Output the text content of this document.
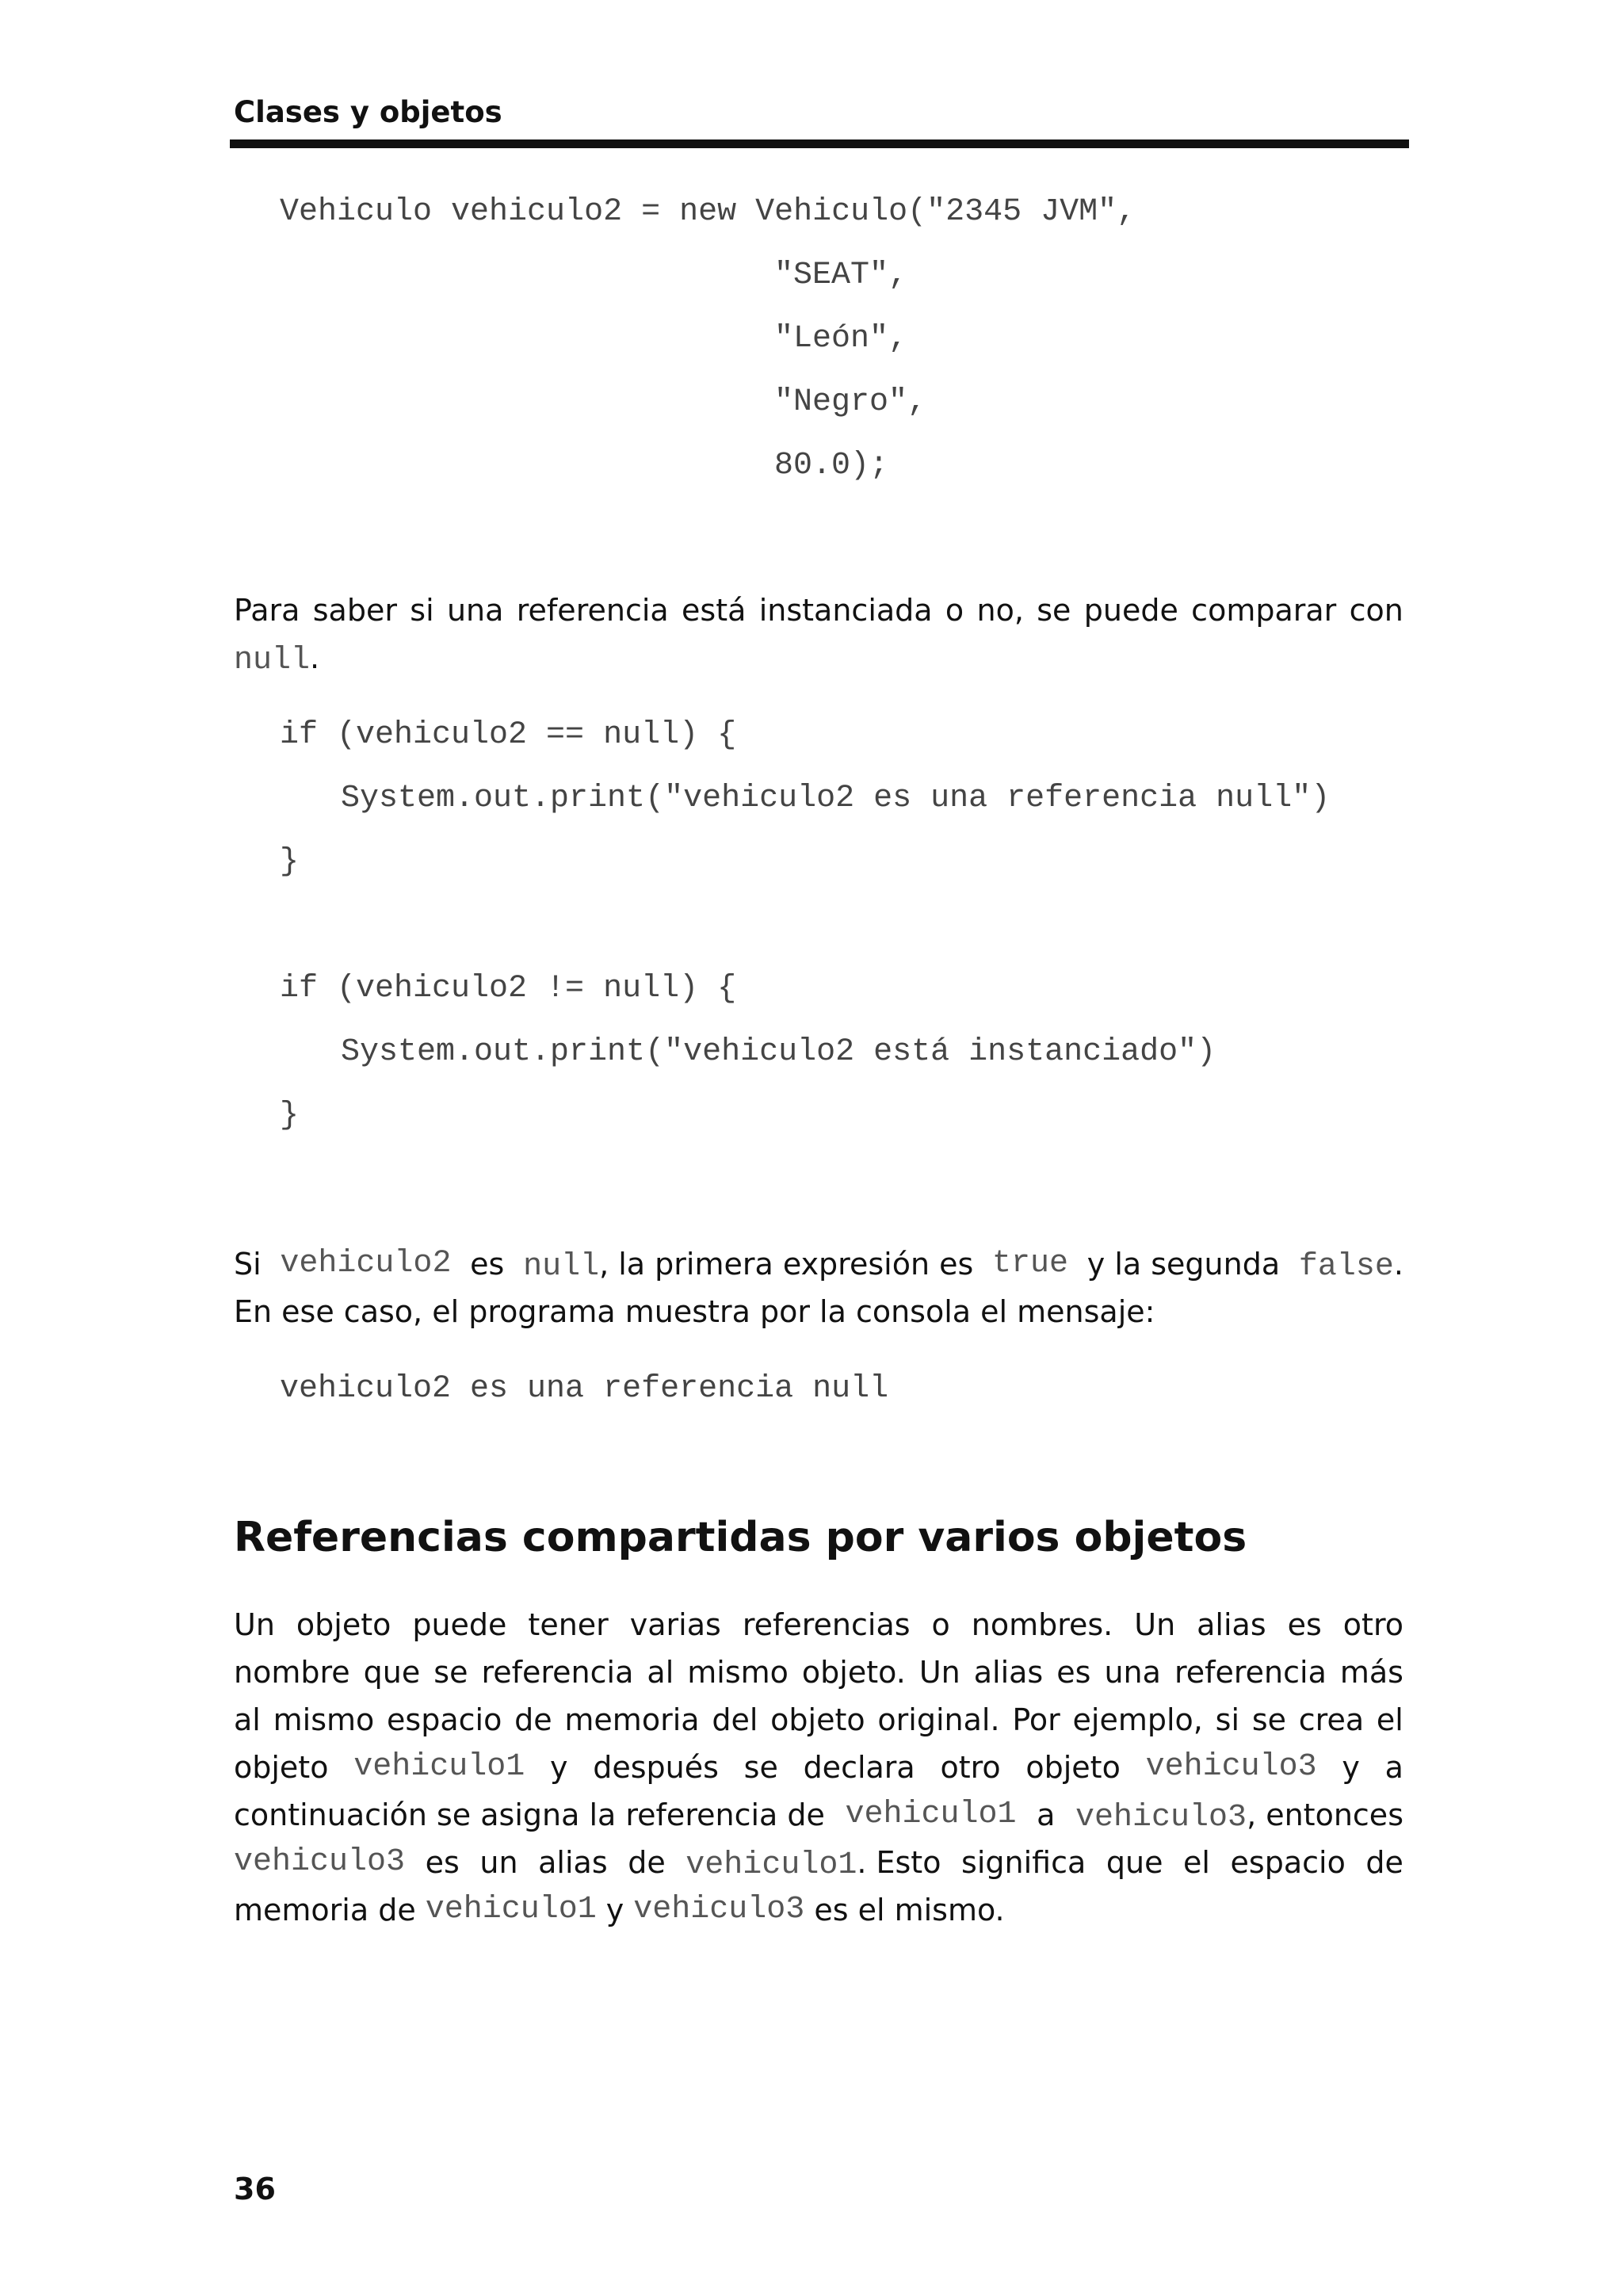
Clases y objetos
Vehiculo vehiculo2 = new Vehiculo("2345 JVM",
"SEAT",
"León",
"Negro",
80.0);
Para saber si una referencia está instanciada o no, se puede comparar con
null.
if (vehiculo2 == null) {
System.out.print("vehiculo2 es una referencia null")
}
if (vehiculo2 != null) {
System.out.print("vehiculo2 está instanciado")
}
Si vehiculo2 es null, la primera expresión es true y la segunda false.
En ese caso, el programa muestra por la consola el mensaje:
vehiculo2 es una referencia null
Referencias compartidas por varios objetos
Un objeto puede tener varias referencias o nombres. Un alias es otro
nombre que se referencia al mismo objeto. Un alias es una referencia más
al mismo espacio de memoria del objeto original. Por ejemplo, si se crea el
objeto vehiculo1 y después se declara otro objeto vehiculo3 y a
continuación se asigna la referencia de vehiculo1 a vehiculo3, entonces
vehiculo3 es un alias de vehiculo1. Esto significa que el espacio de
memoria de vehiculo1 y vehiculo3 es el mismo.
36
